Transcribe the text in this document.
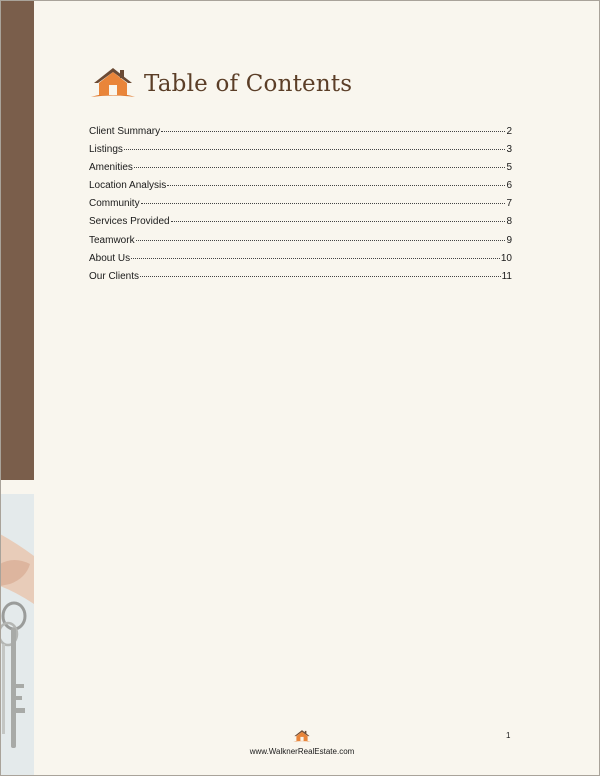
Table of Contents
Client Summary	2
Listings	3
Amenities	5
Location Analysis	6
Community	7
Services Provided	8
Teamwork	9
About Us	10
Our Clients	11
www.WalknerRealEstate.com
1
